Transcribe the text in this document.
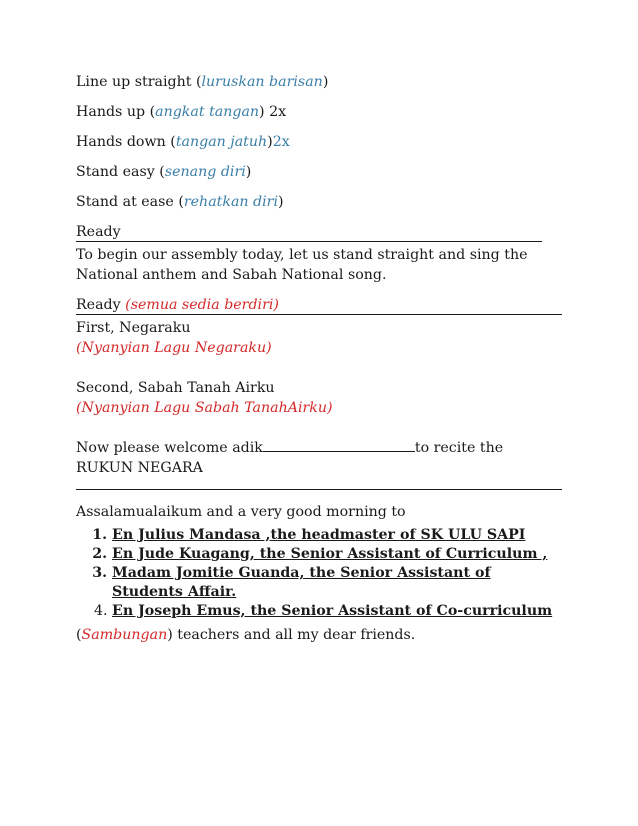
Line up straight (luruskan barisan)
Hands up (angkat tangan) 2x
Hands down (tangan jatuh)2x
Stand easy (senang diri)
Stand at ease (rehatkan diri)
Ready
To begin our assembly today, let us stand straight and sing the National anthem and Sabah National song.
Ready (semua sedia berdiri)
First, Negaraku
(Nyanyian Lagu Negaraku)
Second, Sabah Tanah Airku
(Nyanyian Lagu Sabah TanahAirku)
Now please welcome adik	to recite the RUKUN NEGARA
Assalamualaikum and a very good morning to
1. En Julius Mandasa ,the headmaster of SK ULU SAPI
2. En Jude Kuagang, the Senior Assistant of Curriculum ,
3. Madam Jomitie Guanda, the Senior Assistant of Students Affair.
4. En Joseph Emus, the Senior Assistant of Co-curriculum
(Sambungan) teachers and all my dear friends.
